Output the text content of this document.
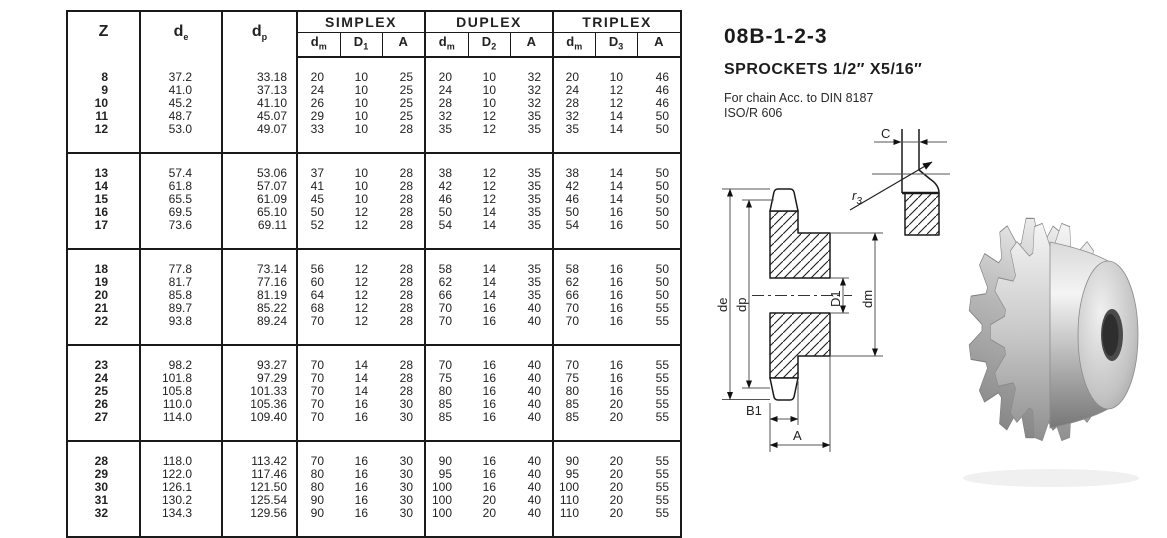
Z	$d_e$	$d_p$	SIMPLEX			DUPLEX			TRIPLEX		
			$d_m$	$D_1$	A	$d_m$	$D_2$	A	$d_m$	$D_3$	A
8	37.2	33.18	20	10	25	20	10	32	20	10	46
9	41.0	37.13	24	10	25	24	10	32	24	12	46
10	45.2	41.10	26	10	25	28	10	32	28	12	46
11	48.7	45.07	29	10	25	32	12	35	32	14	50
12	53.0	49.07	33	10	28	35	12	35	35	14	50
13	57.4	53.06	37	10	28	38	12	35	38	14	50
14	61.8	57.07	41	10	28	42	12	35	42	14	50
15	65.5	61.09	45	10	28	46	12	35	46	14	50
16	69.5	65.10	50	12	28	50	14	35	50	16	50
17	73.6	69.11	52	12	28	54	14	35	54	16	50
18	77.8	73.14	56	12	28	58	14	35	58	16	50
19	81.7	77.16	60	12	28	62	14	35	62	16	50
20	85.8	81.19	64	12	28	66	14	35	66	16	50
21	89.7	85.22	68	12	28	70	16	40	70	16	55
22	93.8	89.24	70	12	28	70	16	40	70	16	55
23	98.2	93.27	70	14	28	70	16	40	70	16	55
24	101.8	97.29	70	14	28	75	16	40	75	16	55
25	105.8	101.33	70	14	28	80	16	40	80	16	55
26	110.0	105.36	70	16	30	85	16	40	85	20	55
27	114.0	109.40	70	16	30	85	16	40	85	20	55
28	118.0	113.42	70	16	30	90	16	40	90	20	55
29	122.0	117.46	80	16	30	95	16	40	95	20	55
30	126.1	121.50	80	16	30	100	16	40	100	20	55
31	130.2	125.54	90	16	30	100	20	40	110	20	55
32	134.3	129.56	90	16	30	100	20	40	110	20	55
08B-1-2-3
SPROCKETS 1/2″ X5/16″
For chain Acc. to DIN 8187
ISO/R 606
de dp	D1 dm
B1
A
C
$r_3$
